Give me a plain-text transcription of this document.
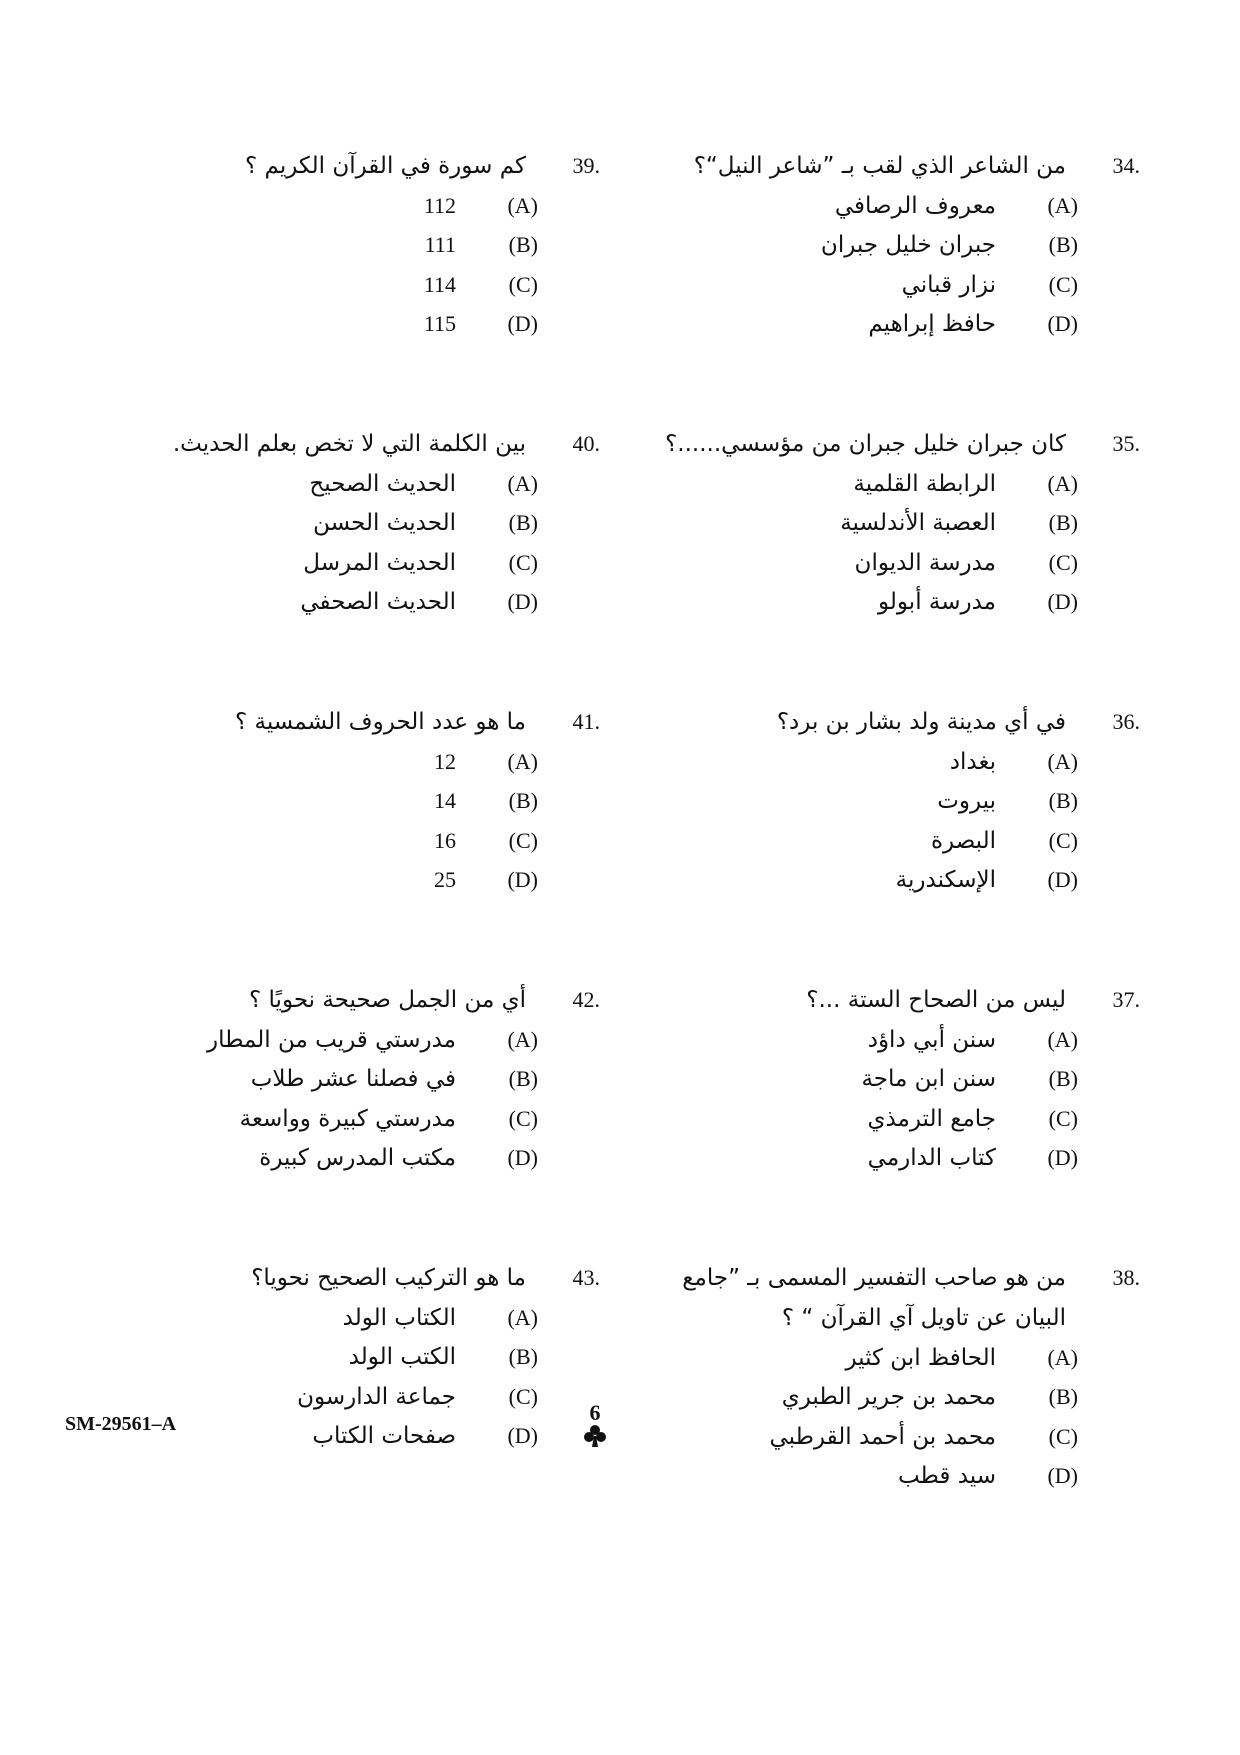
34.
من الشاعر الذي لقب بـ ”شاعر النيل“؟
(A)
معروف الرصافي
(B)
جبران خليل جبران
(C)
نزار قباني
(D)
حافظ إبراهيم
35.
كان جبران خليل جبران من مؤسسي......؟
(A)
الرابطة القلمية
(B)
العصبة الأندلسية
(C)
مدرسة الديوان
(D)
مدرسة أبولو
36.
في أي مدينة ولد بشار بن برد؟
(A)
بغداد
(B)
بيروت
(C)
البصرة
(D)
الإسكندرية
37.
ليس من الصحاح الستة ...؟
(A)
سنن أبي داؤد
(B)
سنن ابن ماجة
(C)
جامع الترمذي
(D)
كتاب الدارمي
38.
من هو صاحب التفسير المسمى بـ ”جامع البيان عن تاويل آي القرآن “ ؟
(A)
الحافظ ابن كثير
(B)
محمد بن جرير الطبري
(C)
محمد بن أحمد القرطبي
(D)
سيد قطب
39.
كم سورة في القرآن الكريم ؟
(A)
112
(B)
111
(C)
114
(D)
115
40.
بين الكلمة التي لا تخص بعلم الحديث.
(A)
الحديث الصحيح
(B)
الحديث الحسن
(C)
الحديث المرسل
(D)
الحديث الصحفي
41.
ما هو عدد الحروف الشمسية ؟
(A)
12
(B)
14
(C)
16
(D)
25
42.
أي من الجمل صحيحة نحويًا ؟
(A)
مدرستي قريب من المطار
(B)
في فصلنا عشر طلاب
(C)
مدرستي كبيرة وواسعة
(D)
مكتب المدرس كبيرة
43.
ما هو التركيب الصحيح نحويا؟
(A)
الكتاب الولد
(B)
الكتب الولد
(C)
جماعة الدارسون
(D)
صفحات الكتاب
SM-29561–A	6
